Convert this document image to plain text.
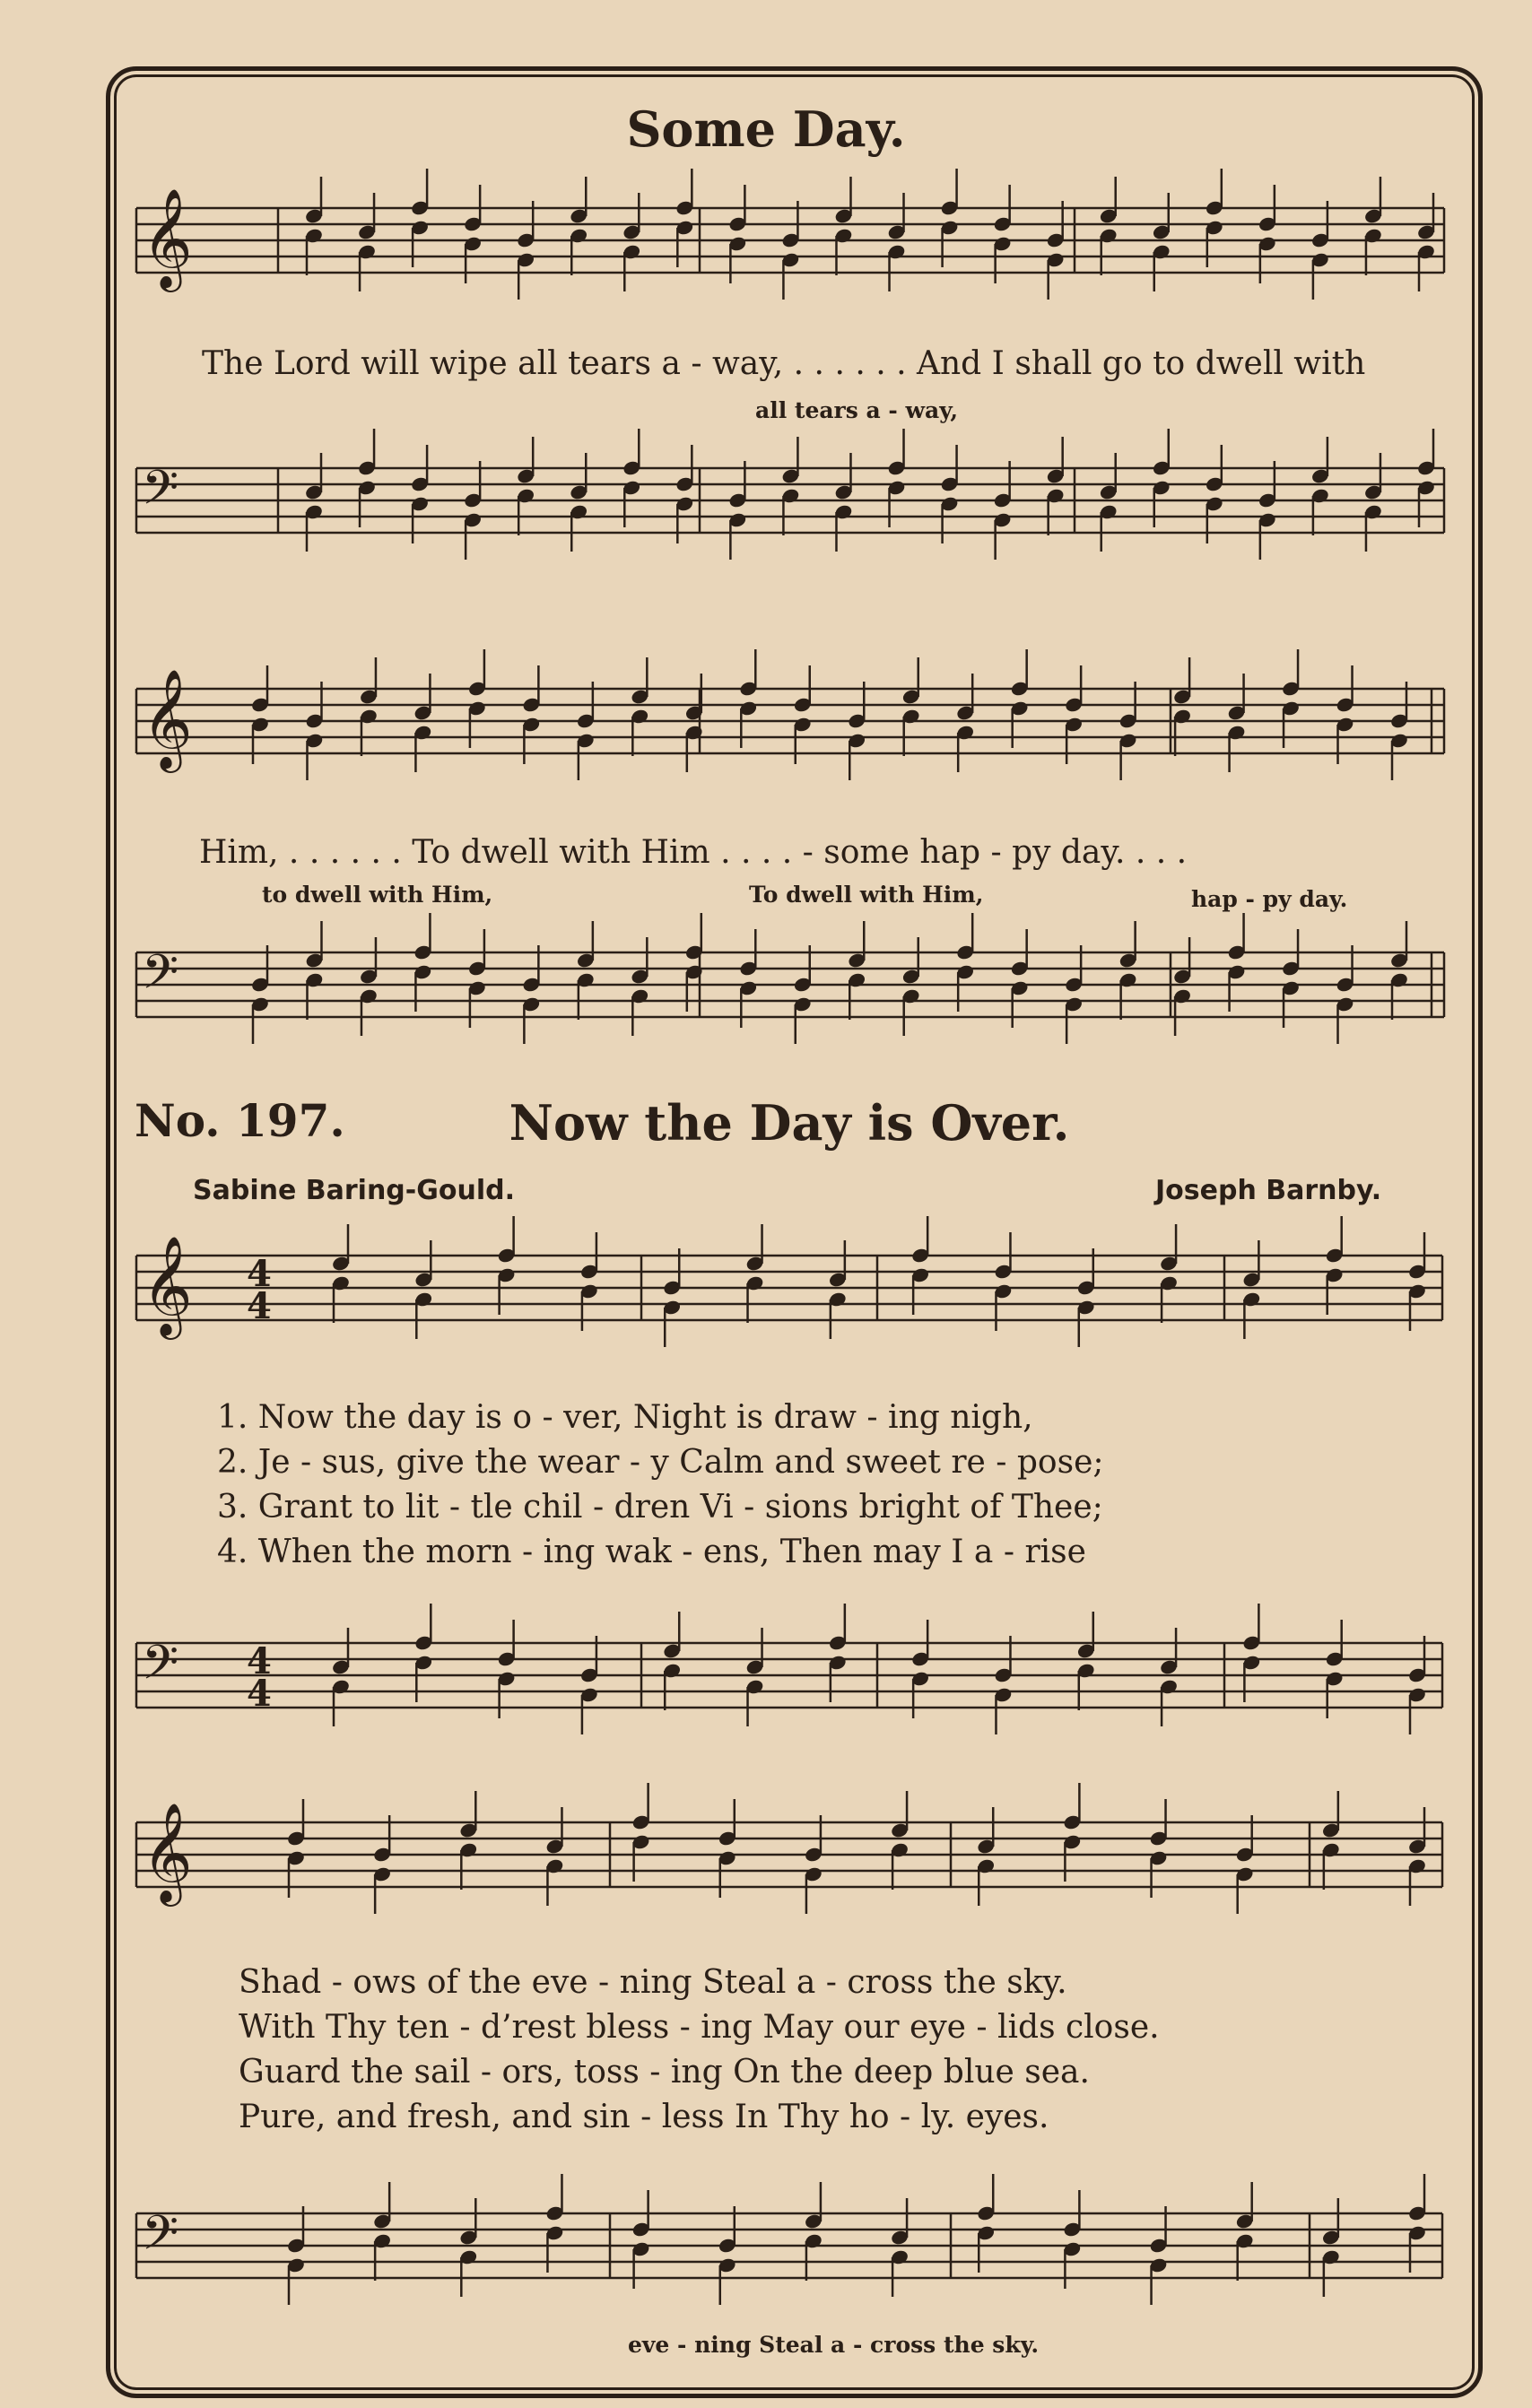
𝄞
𝄢
𝄞
𝄢
𝄞
𝄢
𝄞
𝄢
4
4
4
4
Some Day.
The Lord will wipe all tears a - way, . . . . . . And I shall go to dwell with
all tears a - way,
Him, . . . . . . To dwell with Him . . . . - some hap - py day. . . .
to dwell with Him,	To dwell with Him,	hap - py day.
No. 197.	Now the Day is Over.
Sabine Baring-Gould.	Joseph Barnby.
1. Now the day is o - ver, Night is draw - ing nigh,
2. Je - sus, give the wear - y Calm and sweet re - pose;
3. Grant to lit - tle chil - dren Vi - sions bright of Thee;
4. When the morn - ing wak - ens, Then may I a - rise
Shad - ows of the eve - ning Steal a - cross the sky.
With Thy ten - d’rest bless - ing May our eye - lids close.
Guard the sail - ors, toss - ing On the deep blue sea.
Pure, and fresh, and sin - less In Thy ho - ly. eyes.
eve - ning Steal a - cross the sky.
